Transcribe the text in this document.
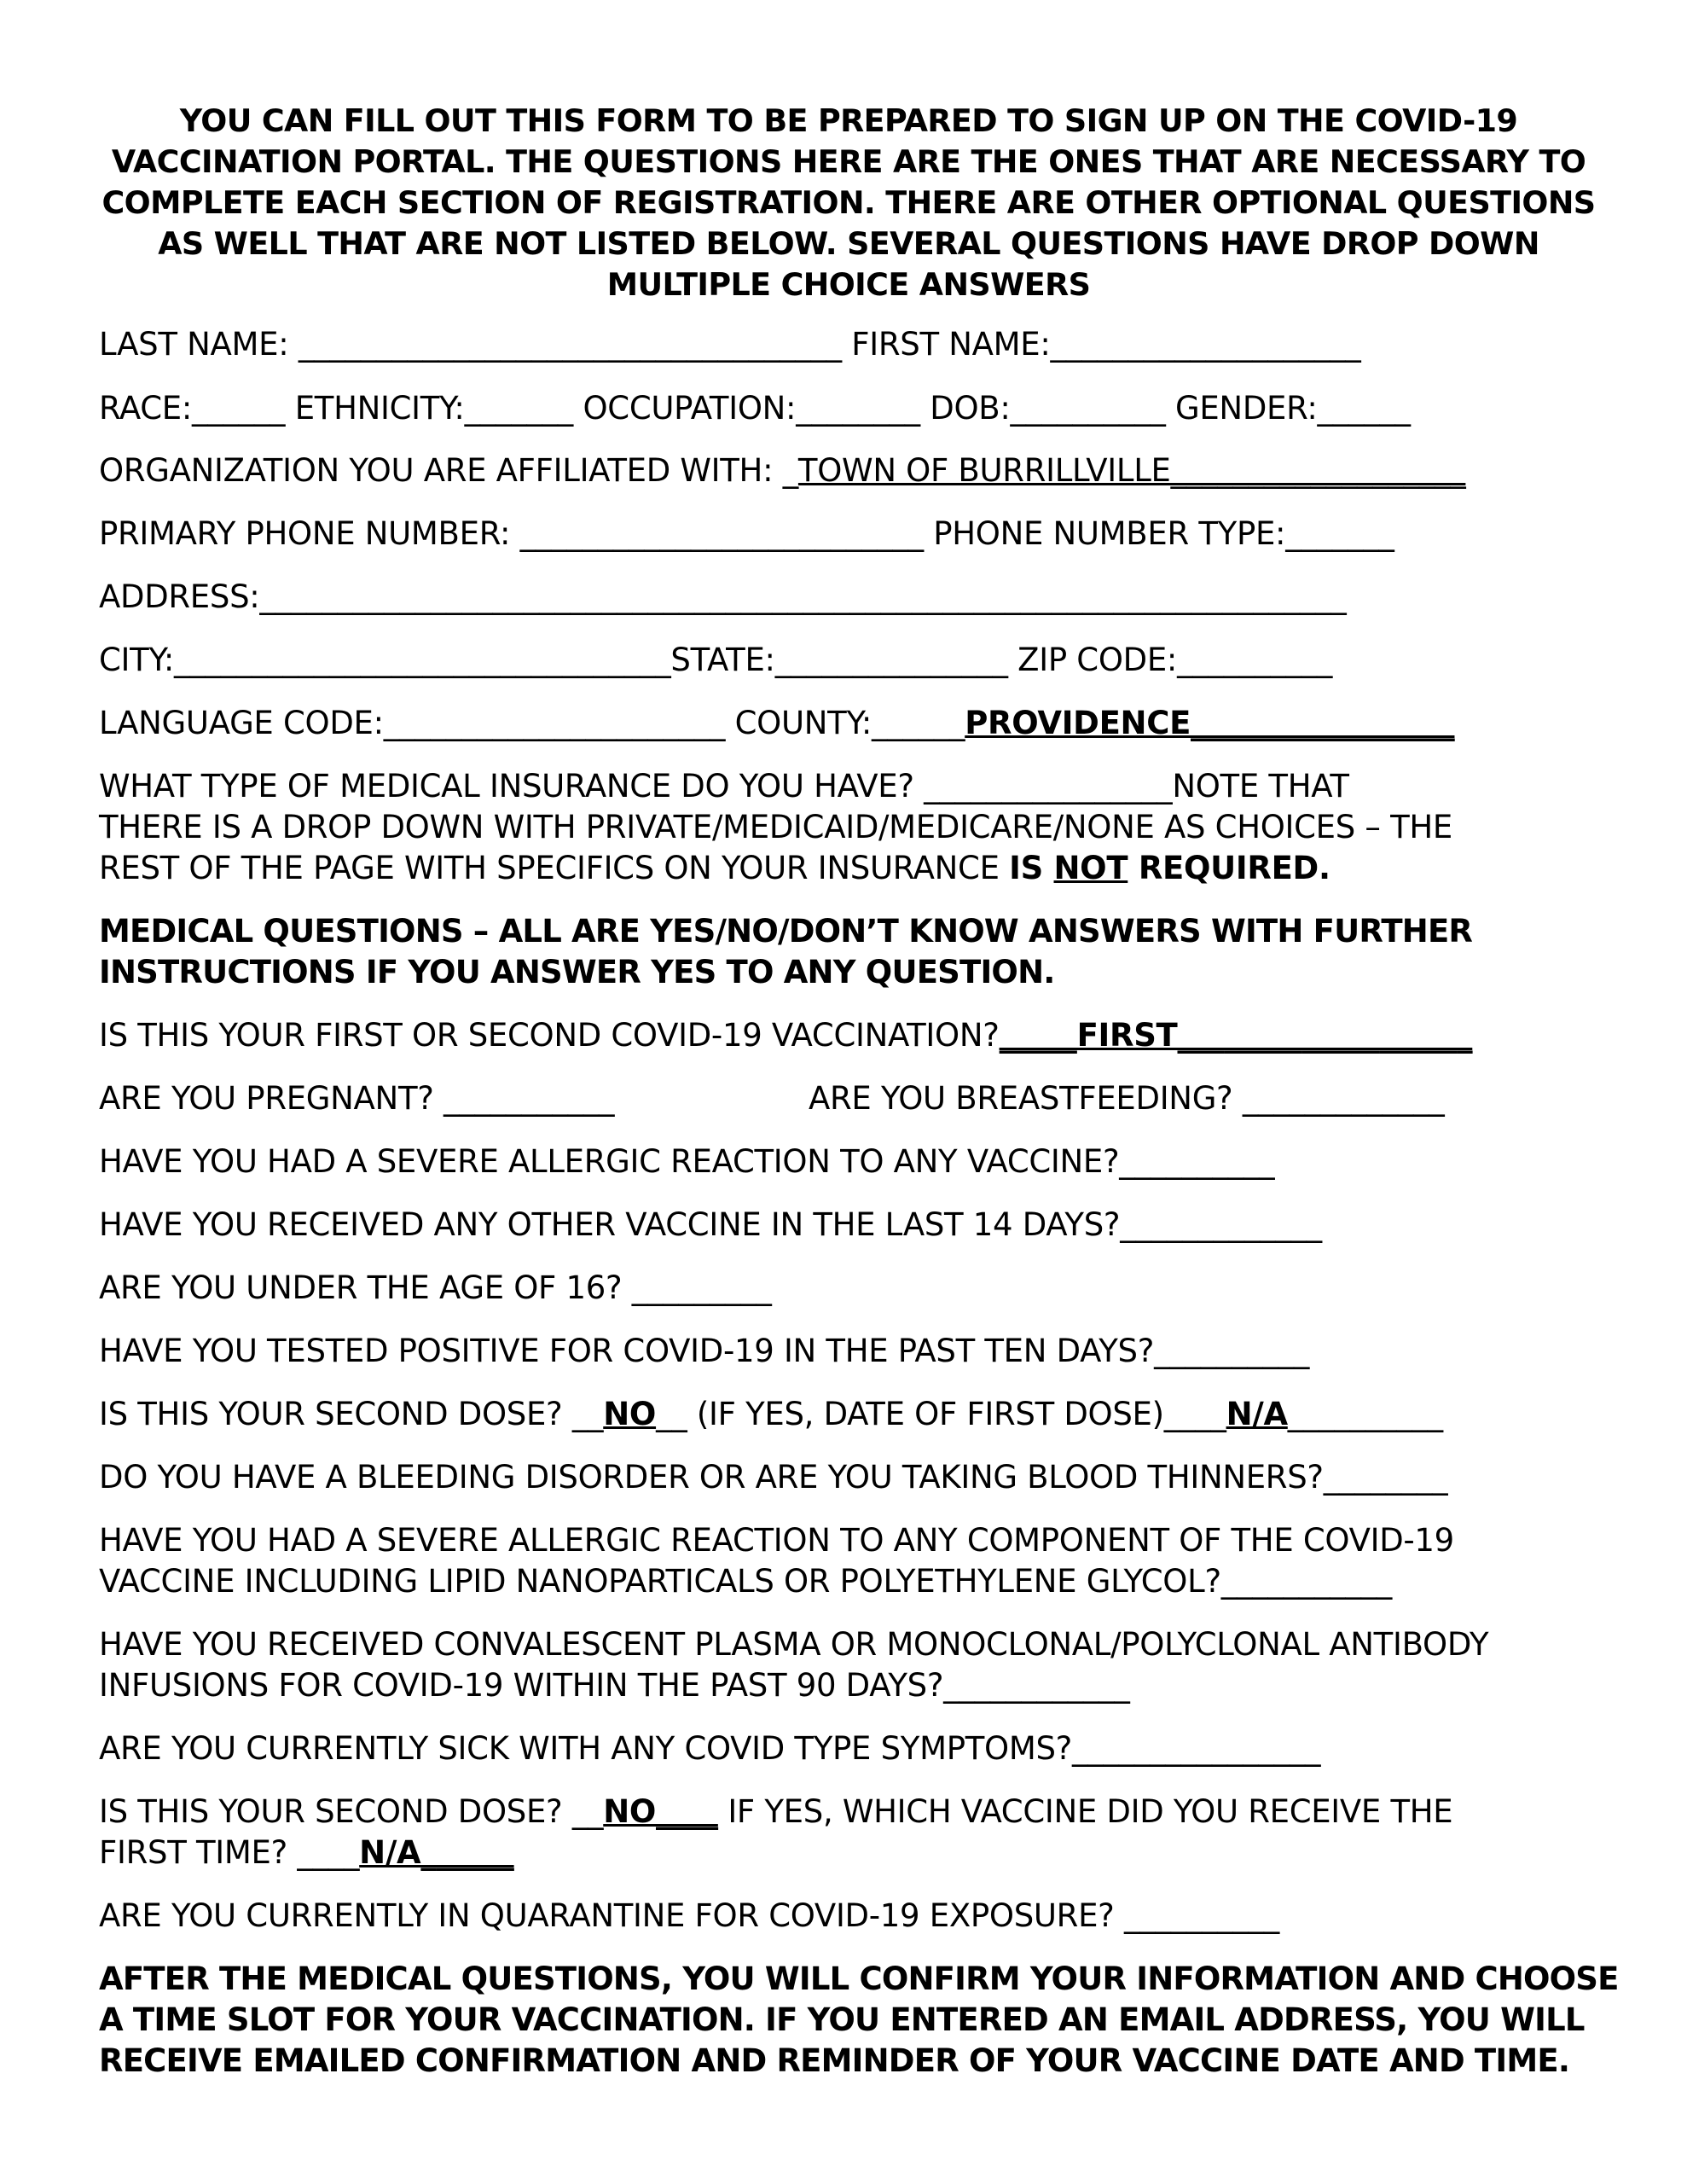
YOU CAN FILL OUT THIS FORM TO BE PREPARED TO SIGN UP ON THE COVID-19
VACCINATION PORTAL. THE QUESTIONS HERE ARE THE ONES THAT ARE NECESSARY TO
COMPLETE EACH SECTION OF REGISTRATION. THERE ARE OTHER OPTIONAL QUESTIONS
AS WELL THAT ARE NOT LISTED BELOW. SEVERAL QUESTIONS HAVE DROP DOWN
MULTIPLE CHOICE ANSWERS
LAST NAME: ___________________________________ FIRST NAME:____________________
RACE:______ ETHNICITY:_______ OCCUPATION:________ DOB:__________ GENDER:______
ORGANIZATION YOU ARE AFFILIATED WITH: _TOWN OF BURRILLVILLE___________________
PRIMARY PHONE NUMBER: __________________________ PHONE NUMBER TYPE:_______
ADDRESS:______________________________________________________________________
CITY:________________________________STATE:_______________ ZIP CODE:__________
LANGUAGE CODE:______________________ COUNTY:______PROVIDENCE_________________
WHAT TYPE OF MEDICAL INSURANCE DO YOU HAVE? ________________NOTE THAT
THERE IS A DROP DOWN WITH PRIVATE/MEDICAID/MEDICARE/NONE AS CHOICES – THE
REST OF THE PAGE WITH SPECIFICS ON YOUR INSURANCE IS NOT REQUIRED.
MEDICAL QUESTIONS – ALL ARE YES/NO/DON’T KNOW ANSWERS WITH FURTHER
INSTRUCTIONS IF YOU ANSWER YES TO ANY QUESTION.
IS THIS YOUR FIRST OR SECOND COVID-19 VACCINATION?_____FIRST___________________
ARE YOU PREGNANT? ___________	ARE YOU BREASTFEEDING? _____________
HAVE YOU HAD A SEVERE ALLERGIC REACTION TO ANY VACCINE?__________
HAVE YOU RECEIVED ANY OTHER VACCINE IN THE LAST 14 DAYS?_____________
ARE YOU UNDER THE AGE OF 16? _________
HAVE YOU TESTED POSITIVE FOR COVID-19 IN THE PAST TEN DAYS?__________
IS THIS YOUR SECOND DOSE? __NO__ (IF YES, DATE OF FIRST DOSE)____N/A__________
DO YOU HAVE A BLEEDING DISORDER OR ARE YOU TAKING BLOOD THINNERS?________
HAVE YOU HAD A SEVERE ALLERGIC REACTION TO ANY COMPONENT OF THE COVID-19
VACCINE INCLUDING LIPID NANOPARTICALS OR POLYETHYLENE GLYCOL?___________
HAVE YOU RECEIVED CONVALESCENT PLASMA OR MONOCLONAL/POLYCLONAL ANTIBODY
INFUSIONS FOR COVID-19 WITHIN THE PAST 90 DAYS?____________
ARE YOU CURRENTLY SICK WITH ANY COVID TYPE SYMPTOMS?________________
IS THIS YOUR SECOND DOSE? __NO____ IF YES, WHICH VACCINE DID YOU RECEIVE THE
FIRST TIME? ____N/A______
ARE YOU CURRENTLY IN QUARANTINE FOR COVID-19 EXPOSURE? __________
AFTER THE MEDICAL QUESTIONS, YOU WILL CONFIRM YOUR INFORMATION AND CHOOSE
A TIME SLOT FOR YOUR VACCINATION. IF YOU ENTERED AN EMAIL ADDRESS, YOU WILL
RECEIVE EMAILED CONFIRMATION AND REMINDER OF YOUR VACCINE DATE AND TIME.
